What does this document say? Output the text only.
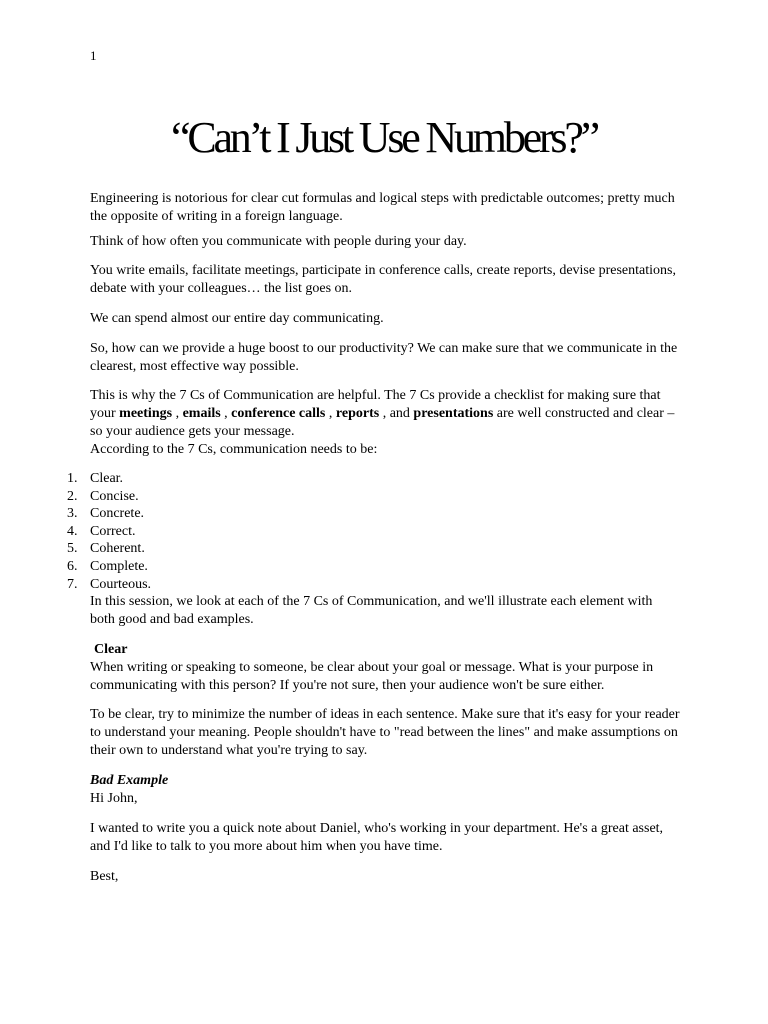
1
“Can’t I Just Use Numbers?”

Engineering is notorious for clear cut formulas and logical steps with predictable outcomes; pretty much the opposite of writing in a foreign language.

Think of how often you communicate with people during your day.

You write emails, facilitate meetings, participate in conference calls, create reports, devise presentations, debate with your colleagues… the list goes on.

We can spend almost our entire day communicating.

So, how can we provide a huge boost to our productivity? We can make sure that we communicate in the clearest, most effective way possible.

This is why the 7 Cs of Communication are helpful. The 7 Cs provide a checklist for making sure that your meetings , emails , conference calls , reports , and presentations are well constructed and clear – so your audience gets your message.

According to the 7 Cs, communication needs to be:

1. Clear.
2. Concise.
3. Concrete.
4. Correct.
5. Coherent.
6. Complete.
7. Courteous.

In this session, we look at each of the 7 Cs of Communication, and we'll illustrate each element with both good and bad examples.

Clear

When writing or speaking to someone, be clear about your goal or message. What is your purpose in communicating with this person? If you're not sure, then your audience won't be sure either.

To be clear, try to minimize the number of ideas in each sentence. Make sure that it's easy for your reader to understand your meaning. People shouldn't have to "read between the lines" and make assumptions on their own to understand what you're trying to say.

Bad Example

Hi John,

I wanted to write you a quick note about Daniel, who's working in your department. He's a great asset, and I'd like to talk to you more about him when you have time.

Best,
